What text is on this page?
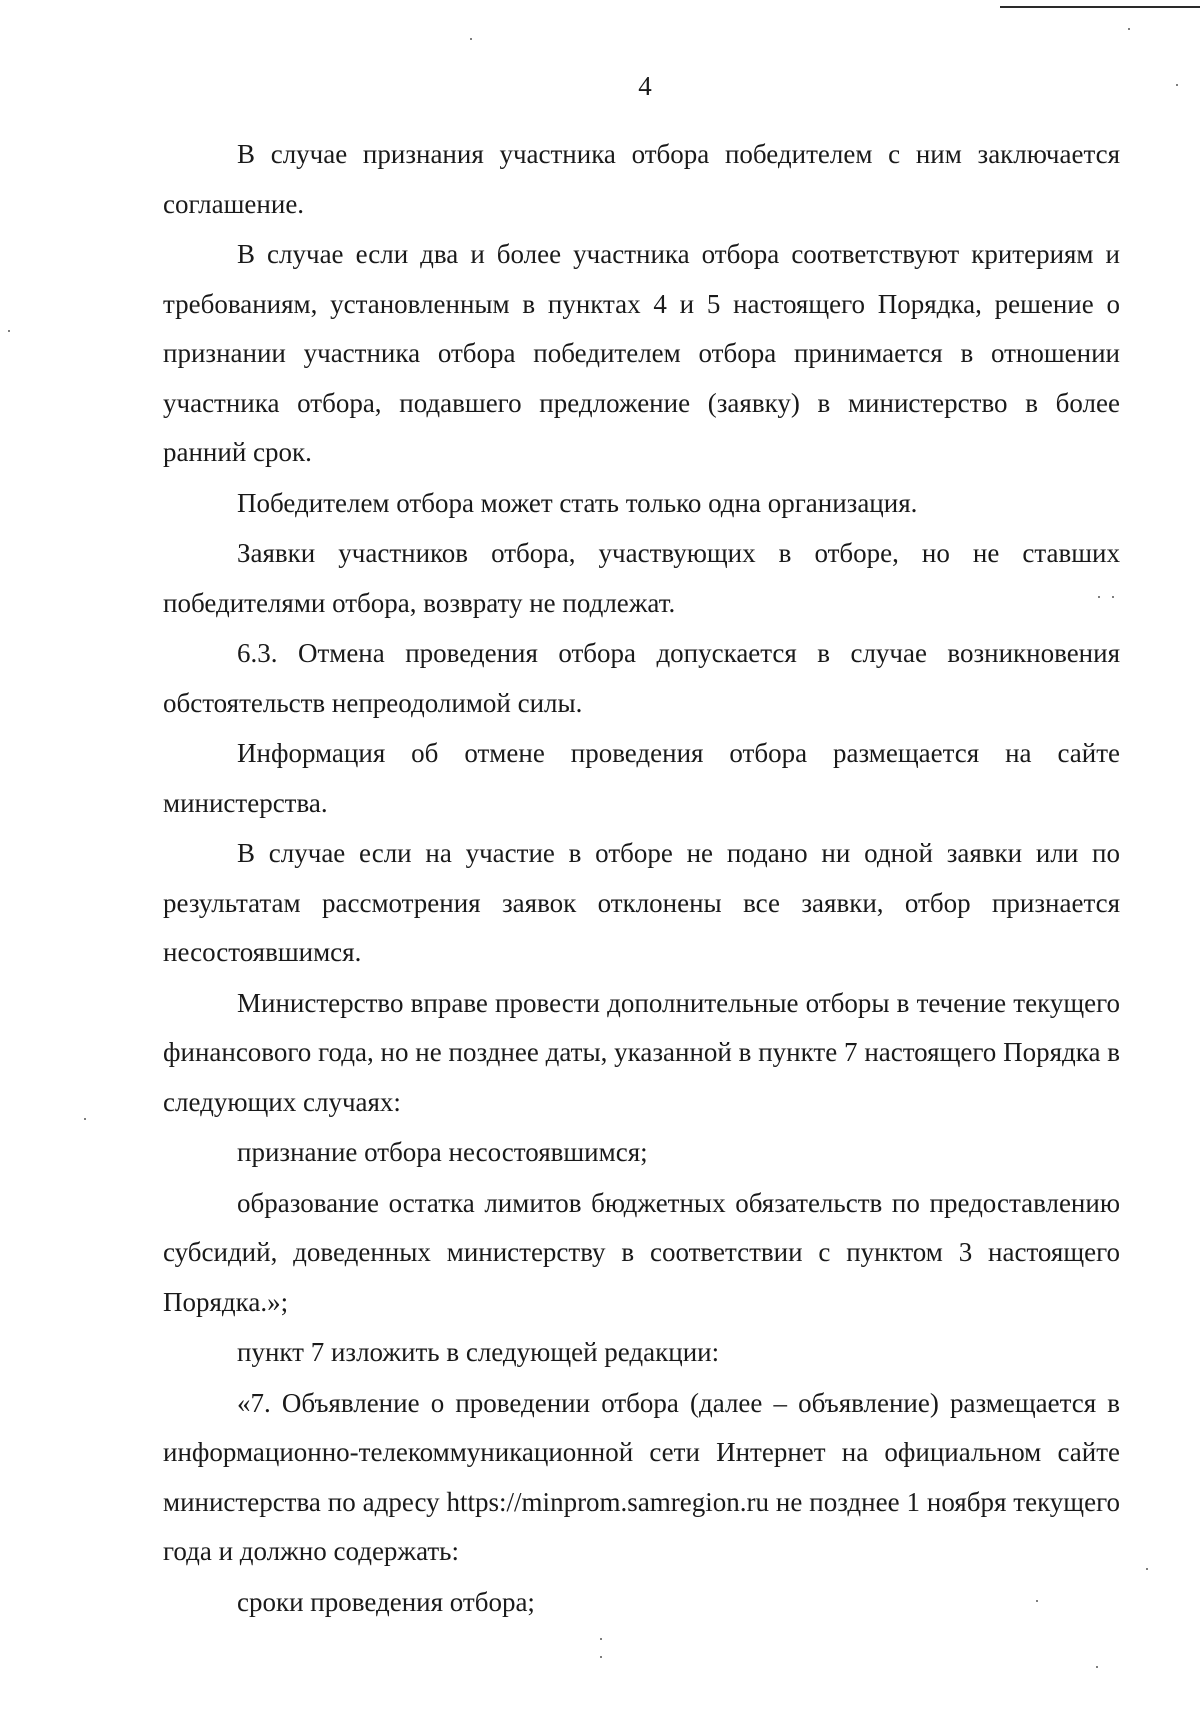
4

В случае признания участника отбора победителем с ним заключается соглашение.

В случае если два и более участника отбора соответствуют критериям и требованиям, установленным в пунктах 4 и 5 настоящего Порядка, решение о признании участника отбора победителем отбора принимается в отношении участника отбора, подавшего предложение (заявку) в министерство в более ранний срок.

Победителем отбора может стать только одна организация.

Заявки участников отбора, участвующих в отборе, но не ставших победителями отбора, возврату не подлежат.

6.3. Отмена проведения отбора допускается в случае возникновения обстоятельств непреодолимой силы.

Информация об отмене проведения отбора размещается на сайте министерства.

В случае если на участие в отборе не подано ни одной заявки или по результатам рассмотрения заявок отклонены все заявки, отбор признается несостоявшимся.

Министерство вправе провести дополнительные отборы в течение текущего финансового года, но не позднее даты, указанной в пункте 7 настоящего Порядка в следующих случаях:

признание отбора несостоявшимся;

образование остатка лимитов бюджетных обязательств по предоставлению субсидий, доведенных министерству в соответствии с пунктом 3 настоящего Порядка.»;

пункт 7 изложить в следующей редакции:

«7. Объявление о проведении отбора (далее – объявление) размещается в информационно-телекоммуникационной сети Интернет на официальном сайте министерства по адресу https://minprom.samregion.ru не позднее 1 ноября текущего года и должно содержать:

сроки проведения отбора;
